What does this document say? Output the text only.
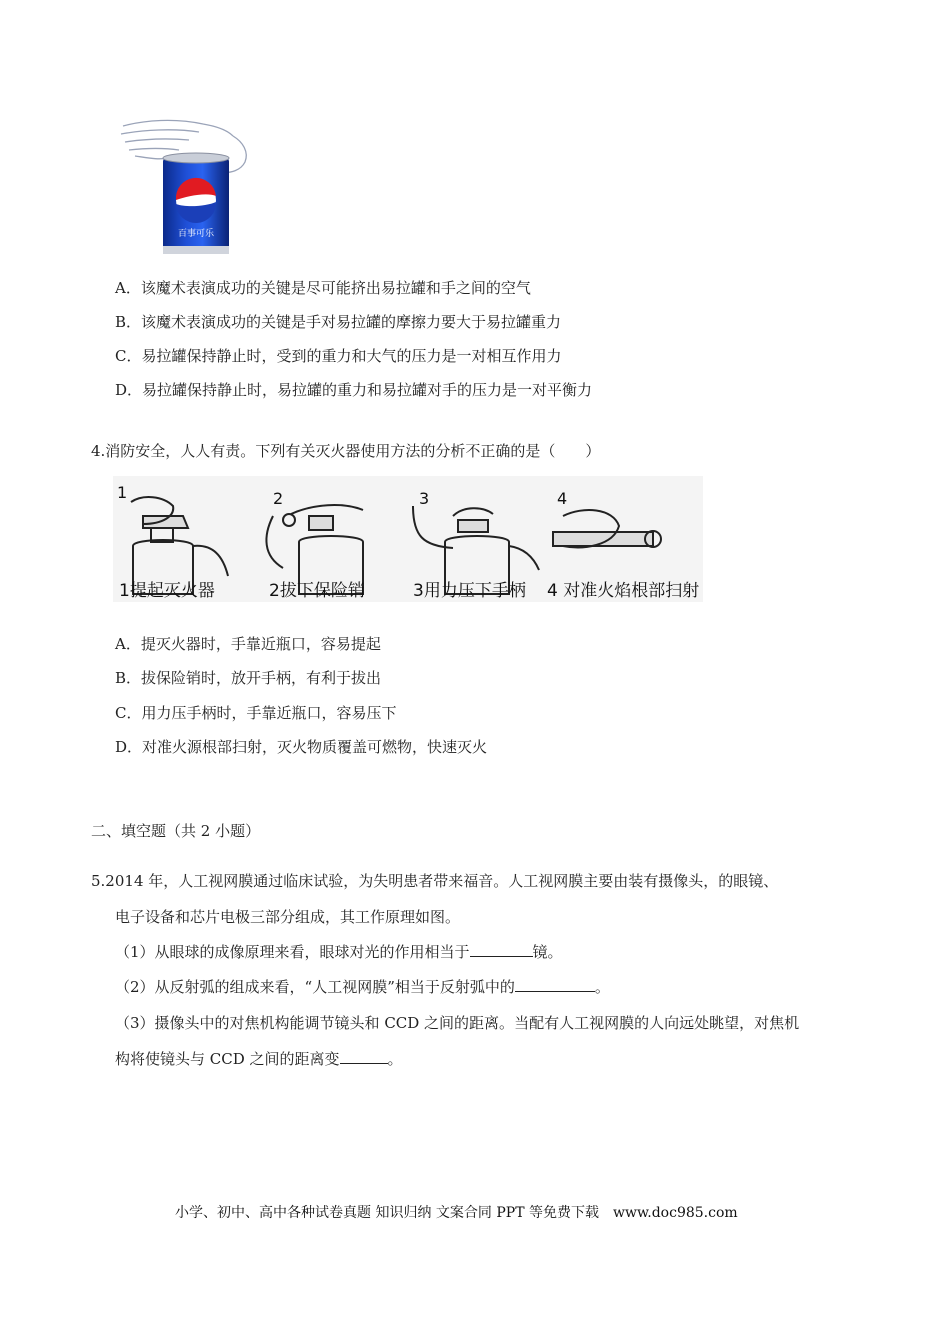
百事可乐
A．该魔术表演成功的关键是尽可能挤出易拉罐和手之间的空气
B．该魔术表演成功的关键是手对易拉罐的摩擦力要大于易拉罐重力
C．易拉罐保持静止时，受到的重力和大气的压力是一对相互作用力
D．易拉罐保持静止时，易拉罐的重力和易拉罐对手的压力是一对平衡力
4.消防安全，人人有责。下列有关灭火器使用方法的分析不正确的是（　　）
1	2	3	4
1提起灭火器	2拔下保险销	3用力压下手柄 4 对准火焰根部扫射
A．提灭火器时，手靠近瓶口，容易提起
B．拔保险销时，放开手柄，有利于拔出
C．用力压手柄时，手靠近瓶口，容易压下
D．对准火源根部扫射，灭火物质覆盖可燃物，快速灭火
二、填空题（共 2 小题）
5.2014 年，人工视网膜通过临床试验，为失明患者带来福音。人工视网膜主要由装有摄像头，的眼镜、
电子设备和芯片电极三部分组成，其工作原理如图。
（1）从眼球的成像原理来看，眼球对光的作用相当于	镜。
（2）从反射弧的组成来看，“人工视网膜”相当于反射弧中的	。
（3）摄像头中的对焦机构能调节镜头和 CCD 之间的距离。当配有人工视网膜的人向远处眺望，对焦机
构将使镜头与 CCD 之间的距离变	。
小学、初中、高中各种试卷真题 知识归纳 文案合同 PPT 等免费下载　www.doc985.com
